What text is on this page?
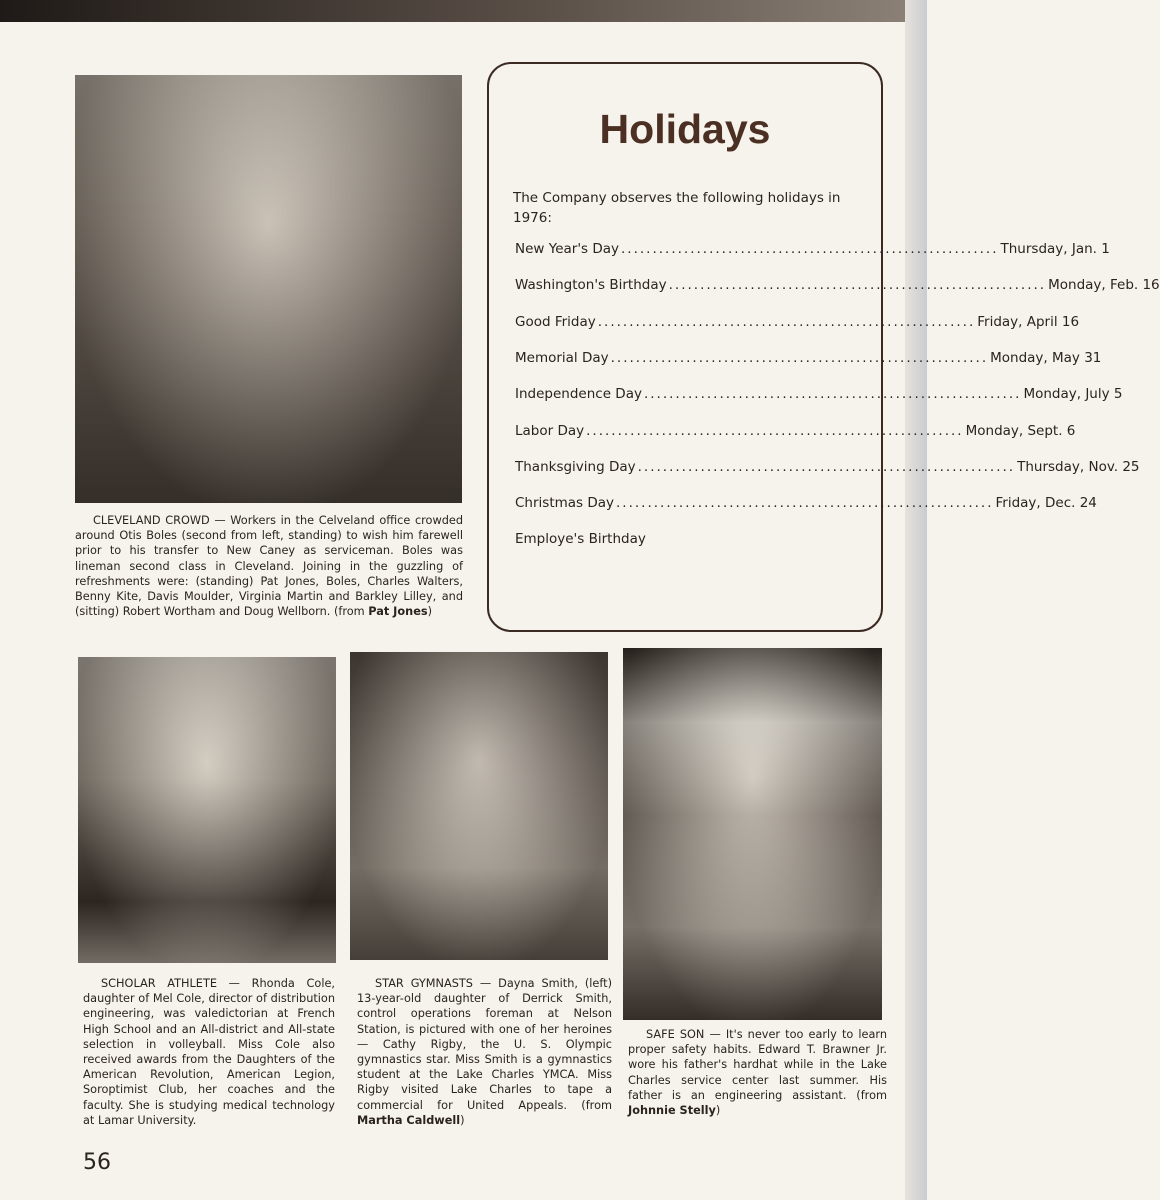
CLEVELAND CROWD — Workers in the Celveland office crowded around Otis Boles (second from left, standing) to wish him farewell prior to his transfer to New Caney as serviceman. Boles was lineman second class in Cleveland. Joining in the guzzling of refreshments were: (standing) Pat Jones, Boles, Charles Walters, Benny Kite, Davis Moulder, Virginia Martin and Barkley Lilley, and (sitting) Robert Wortham and Doug Wellborn. (from Pat Jones)
Holidays
The Company observes the following holidays in 1976:
New Year's Day ............................................................ Thursday, Jan. 1
Washington's Birthday ............................................................ Monday, Feb. 16
Good Friday ............................................................ Friday, April 16
Memorial Day ............................................................ Monday, May 31
Independence Day ............................................................ Monday, July 5
Labor Day ............................................................ Monday, Sept. 6
Thanksgiving Day ............................................................ Thursday, Nov. 25
Christmas Day ............................................................ Friday, Dec. 24
Employe's Birthday
SCHOLAR ATHLETE — Rhonda Cole, daughter of Mel Cole, director of distribution engineering, was valedictorian at French High School and an All-district and All-state selection in volleyball. Miss Cole also received awards from the Daughters of the American Revolution, American Legion, Soroptimist Club, her coaches and the faculty. She is studying medical technology at Lamar University.
STAR GYMNASTS — Dayna Smith, (left) 13-year-old daughter of Derrick Smith, control operations foreman at Nelson Station, is pictured with one of her heroines — Cathy Rigby, the U. S. Olympic gymnastics star. Miss Smith is a gymnastics student at the Lake Charles YMCA. Miss Rigby visited Lake Charles to tape a commercial for United Appeals. (from Martha Caldwell)
SAFE SON — It's never too early to learn proper safety habits. Edward T. Brawner Jr. wore his father's hardhat while in the Lake Charles service center last summer. His father is an engineering assistant. (from Johnnie Stelly)
56
